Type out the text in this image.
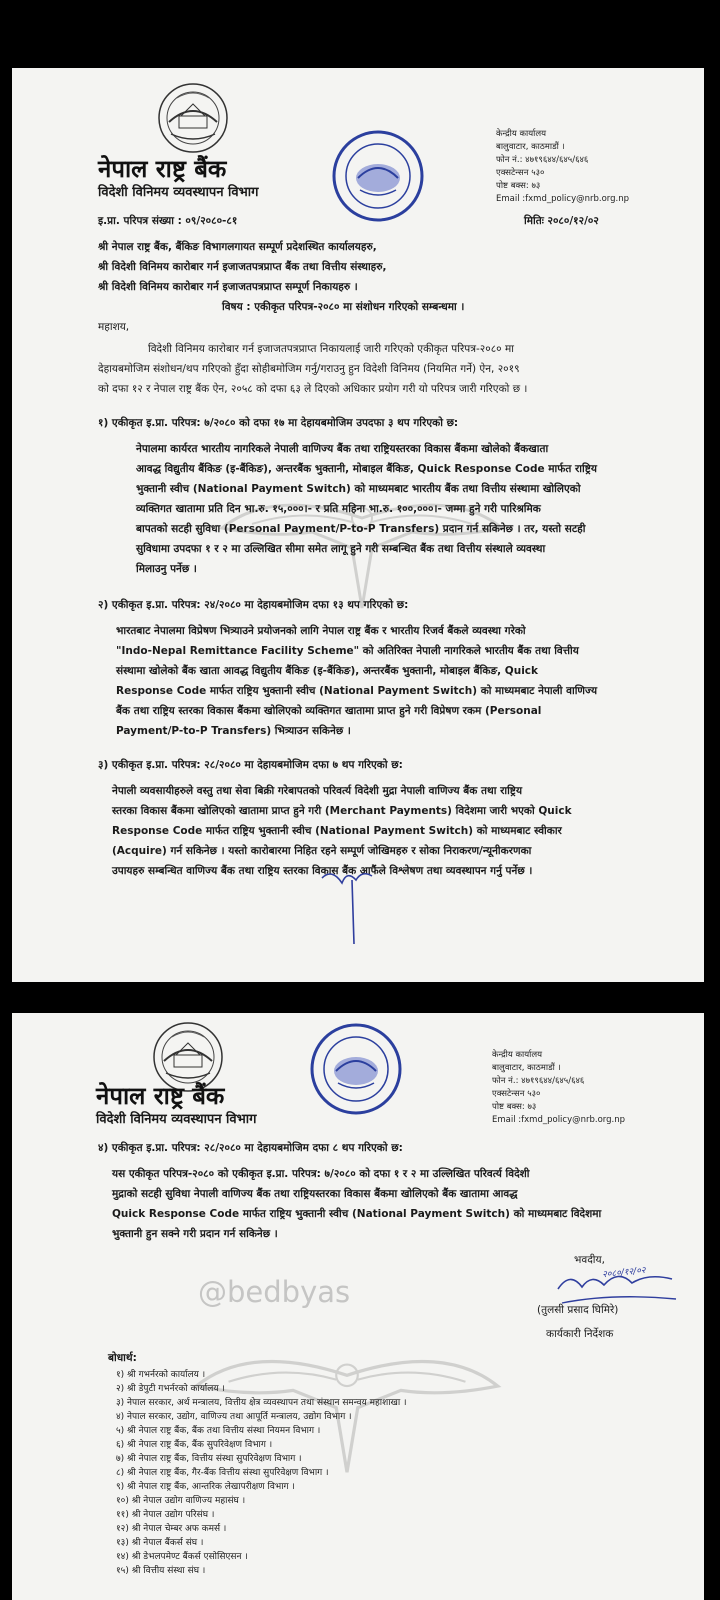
नेपाल राष्ट्र बैंक
विदेशी विनिमय व्यवस्थापन विभाग
केन्द्रीय कार्यालय
बालुवाटार, काठमाडौं ।
फोन नं.: ४७१९६४४/६४५/६४६
एक्सटेन्सन ५३०
पोष्ट बक्स: ७३
Email :fxmd_policy@nrb.org.np
इ.प्रा. परिपत्र संख्या : ०९/२०८०-८१	मितिः २०८०/१२/०२
श्री नेपाल राष्ट्र बैंक, बैंकिङ विभागलगायत सम्पूर्ण प्रदेशस्थित कार्यालयहरु,
श्री विदेशी विनिमय कारोबार गर्न इजाजतपत्रप्राप्त बैंक तथा वित्तीय संस्थाहरु,
श्री विदेशी विनिमय कारोबार गर्न इजाजतपत्रप्राप्त सम्पूर्ण निकायहरु ।
विषय : एकीकृत परिपत्र-२०८० मा संशोधन गरिएको सम्बन्धमा ।
महाशय,
विदेशी विनिमय कारोबार गर्न इजाजतपत्रप्राप्त निकायलाई जारी गरिएको एकीकृत परिपत्र-२०८० मा
देहायबमोजिम संशोधन/थप गरिएको हुँदा सोहीबमोजिम गर्नु/गराउनु हुन विदेशी विनिमय (नियमित गर्ने) ऐन, २०१९
को दफा १२ र नेपाल राष्ट्र बैंक ऐन, २०५८ को दफा ६३ ले दिएको अधिकार प्रयोग गरी यो परिपत्र जारी गरिएको छ ।
१) एकीकृत इ.प्रा. परिपत्र: ७/२०८० को दफा १७ मा देहायबमोजिम उपदफा ३ थप गरिएको छ:
नेपालमा कार्यरत भारतीय नागरिकले नेपाली वाणिज्य बैंक तथा राष्ट्रियस्तरका विकास बैंकमा खोलेको बैंकखाता
आवद्ध विद्युतीय बैंकिङ (इ-बैंकिङ), अन्तरबैंक भुक्तानी, मोबाइल बैंकिङ, Quick Response Code मार्फत राष्ट्रिय
भुक्तानी स्वीच (National Payment Switch) को माध्यमबाट भारतीय बैंक तथा वित्तीय संस्थामा खोलिएको
व्यक्तिगत खातामा प्रति दिन भा.रु. १५,०००।- र प्रति महिना भा.रु. १००,०००।- जम्मा हुने गरी पारिश्रमिक
बापतको सटही सुविधा (Personal Payment/P-to-P Transfers) प्रदान गर्न सकिनेछ । तर, यस्तो सटही
सुविधामा उपदफा १ र २ मा उल्लिखित सीमा समेत लागू हुने गरी सम्बन्धित बैंक तथा वित्तीय संस्थाले व्यवस्था
मिलाउनु पर्नेछ ।
२) एकीकृत इ.प्रा. परिपत्र: २४/२०८० मा देहायबमोजिम दफा १३ थप गरिएको छ:
भारतबाट नेपालमा विप्रेषण भित्र्याउने प्रयोजनको लागि नेपाल राष्ट्र बैंक र भारतीय रिजर्व बैंकले व्यवस्था गरेको
"Indo-Nepal Remittance Facility Scheme" को अतिरिक्त नेपाली नागरिकले भारतीय बैंक तथा वित्तीय
संस्थामा खोलेको बैंक खाता आवद्ध विद्युतीय बैंकिङ (इ-बैंकिङ), अन्तरबैंक भुक्तानी, मोबाइल बैंकिङ, Quick
Response Code मार्फत राष्ट्रिय भुक्तानी स्वीच (National Payment Switch) को माध्यमबाट नेपाली वाणिज्य
बैंक तथा राष्ट्रिय स्तरका विकास बैंकमा खोलिएको व्यक्तिगत खातामा प्राप्त हुने गरी विप्रेषण रकम (Personal
Payment/P-to-P Transfers) भित्र्याउन सकिनेछ ।
३) एकीकृत इ.प्रा. परिपत्र: २८/२०८० मा देहायबमोजिम दफा ७ थप गरिएको छ:
नेपाली व्यवसायीहरुले वस्तु तथा सेवा बिक्री गरेबापतको परिवर्त्य विदेशी मुद्रा नेपाली वाणिज्य बैंक तथा राष्ट्रिय
स्तरका विकास बैंकमा खोलिएको खातामा प्राप्त हुने गरी (Merchant Payments) विदेशमा जारी भएको Quick
Response Code मार्फत राष्ट्रिय भुक्तानी स्वीच (National Payment Switch) को माध्यमबाट स्वीकार
(Acquire) गर्न सकिनेछ । यस्तो कारोबारमा निहित रहने सम्पूर्ण जोखिमहरु र सोका निराकरण/न्यूनीकरणका
उपायहरु सम्बन्धित वाणिज्य बैंक तथा राष्ट्रिय स्तरका विकास बैंक आफैंले विश्लेषण तथा व्यवस्थापन गर्नु पर्नेछ ।
नेपाल राष्ट्र बैंक
विदेशी विनिमय व्यवस्थापन विभाग
केन्द्रीय कार्यालय
बालुवाटार, काठमाडौं ।
फोन नं.: ४७१९६४४/६४५/६४६
एक्सटेन्सन ५३०
पोष्ट बक्स: ७३
Email :fxmd_policy@nrb.org.np
४) एकीकृत इ.प्रा. परिपत्र: २८/२०८० मा देहायबमोजिम दफा ८ थप गरिएको छ:
यस एकीकृत परिपत्र-२०८० को एकीकृत इ.प्रा. परिपत्र: ७/२०८० को दफा १ र २ मा उल्लिखित परिवर्त्य विदेशी
मुद्राको सटही सुविधा नेपाली वाणिज्य बैंक तथा राष्ट्रियस्तरका विकास बैंकमा खोलिएको बैंक खातामा आवद्ध
Quick Response Code मार्फत राष्ट्रिय भुक्तानी स्वीच (National Payment Switch) को माध्यमबाट विदेशमा
भुक्तानी हुन सक्ने गरी प्रदान गर्न सकिनेछ ।
भवदीय,
२०८०/१२/०२
(तुलसी प्रसाद घिमिरे)
कार्यकारी निर्देशक
@bedbyas
बोधार्थ:
१) श्री गभर्नरको कार्यालय ।
२) श्री डेपुटी गभर्नरको कार्यालय ।
३) नेपाल सरकार, अर्थ मन्त्रालय, वित्तीय क्षेत्र व्यवस्थापन तथा संस्थान समन्वय महाशाखा ।
४) नेपाल सरकार, उद्योग, वाणिज्य तथा आपूर्ति मन्त्रालय, उद्योग विभाग ।
५) श्री नेपाल राष्ट्र बैंक, बैंक तथा वित्तीय संस्था नियमन विभाग ।
६) श्री नेपाल राष्ट्र बैंक, बैंक सुपरिवेक्षण विभाग ।
७) श्री नेपाल राष्ट्र बैंक, वित्तीय संस्था सुपरिवेक्षण विभाग ।
८) श्री नेपाल राष्ट्र बैंक, गैर-बैंक वित्तीय संस्था सुपरिवेक्षण विभाग ।
९) श्री नेपाल राष्ट्र बैंक, आन्तरिक लेखापरीक्षण विभाग ।
१०) श्री नेपाल उद्योग वाणिज्य महासंघ ।
११) श्री नेपाल उद्योग परिसंघ ।
१२) श्री नेपाल चेम्बर अफ कमर्स ।
१३) श्री नेपाल बैंकर्स संघ ।
१४) श्री डेभलपमेण्ट बैंकर्स एसोसिएसन ।
१५) श्री वित्तीय संस्था संघ ।
